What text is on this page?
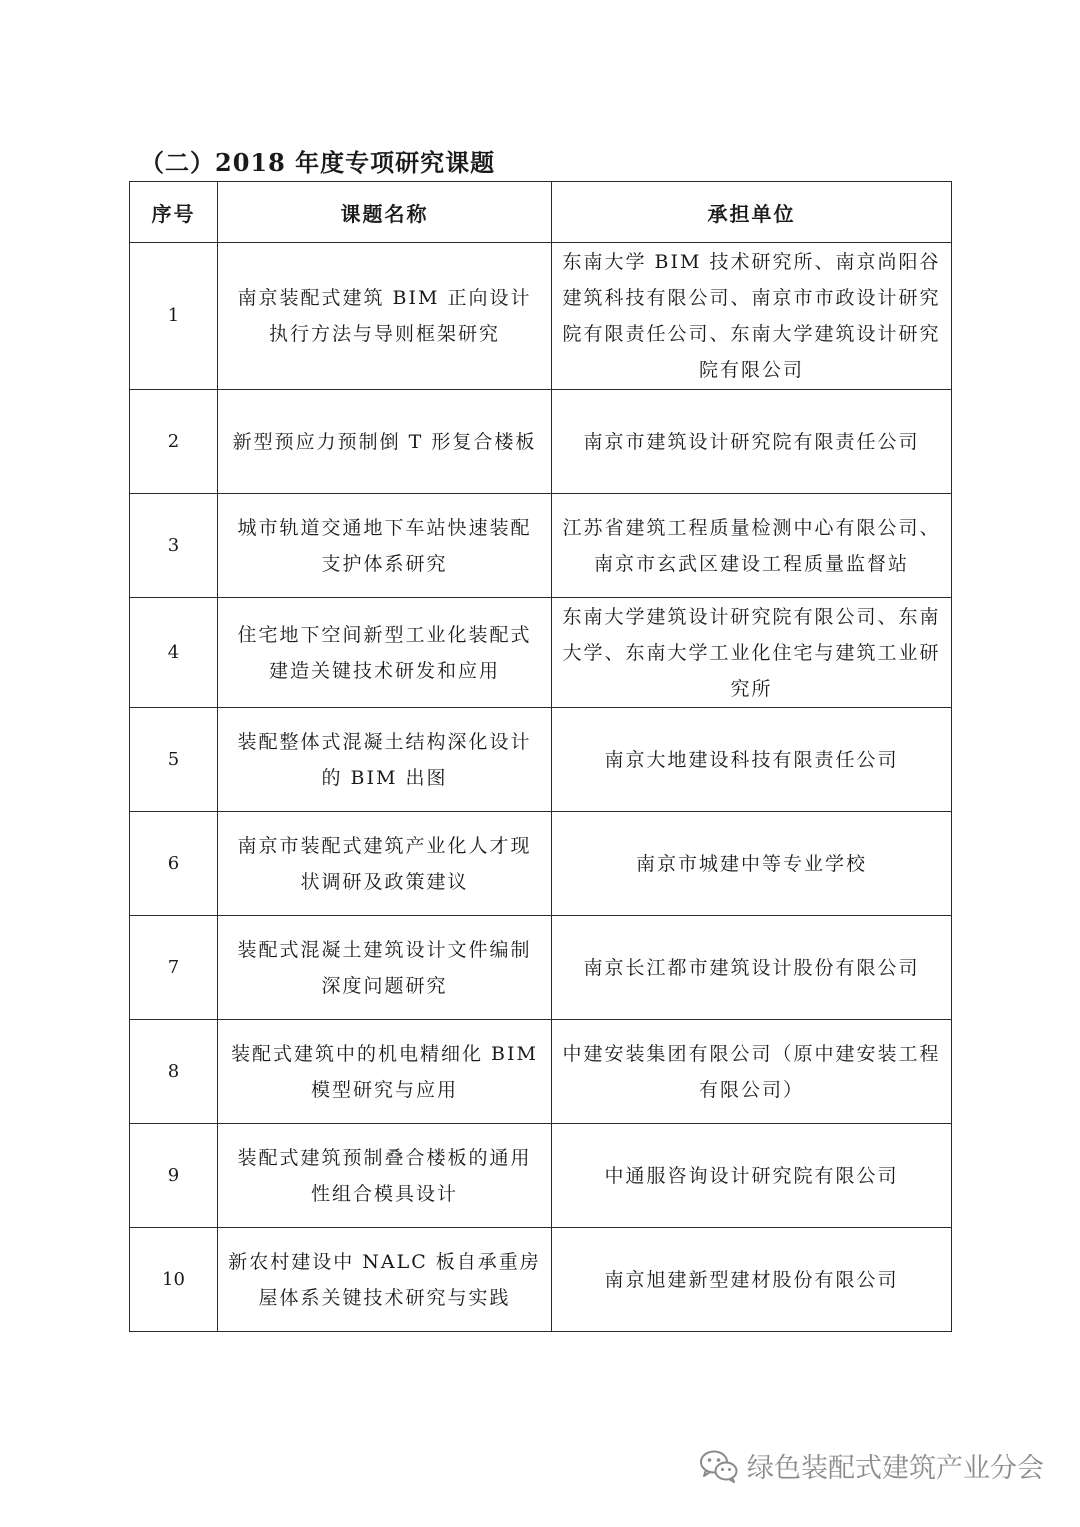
（二）2018 年度专项研究课题
序号	课题名称	承担单位
1	南京装配式建筑 BIM 正向设计执行方法与导则框架研究	东南大学 BIM 技术研究所、南京尚阳谷建筑科技有限公司、南京市市政设计研究院有限责任公司、东南大学建筑设计研究院有限公司
2	新型预应力预制倒 T 形复合楼板	南京市建筑设计研究院有限责任公司
3	城市轨道交通地下车站快速装配支护体系研究	江苏省建筑工程质量检测中心有限公司、南京市玄武区建设工程质量监督站
4	住宅地下空间新型工业化装配式建造关键技术研发和应用	东南大学建筑设计研究院有限公司、东南大学、东南大学工业化住宅与建筑工业研究所
5	装配整体式混凝土结构深化设计的 BIM 出图	南京大地建设科技有限责任公司
6	南京市装配式建筑产业化人才现状调研及政策建议	南京市城建中等专业学校
7	装配式混凝土建筑设计文件编制深度问题研究	南京长江都市建筑设计股份有限公司
8	装配式建筑中的机电精细化 BIM 模型研究与应用	中建安装集团有限公司（原中建安装工程有限公司）
9	装配式建筑预制叠合楼板的通用性组合模具设计	中通服咨询设计研究院有限公司
10	新农村建设中 NALC 板自承重房屋体系关键技术研究与实践	南京旭建新型建材股份有限公司
绿色装配式建筑产业分会
